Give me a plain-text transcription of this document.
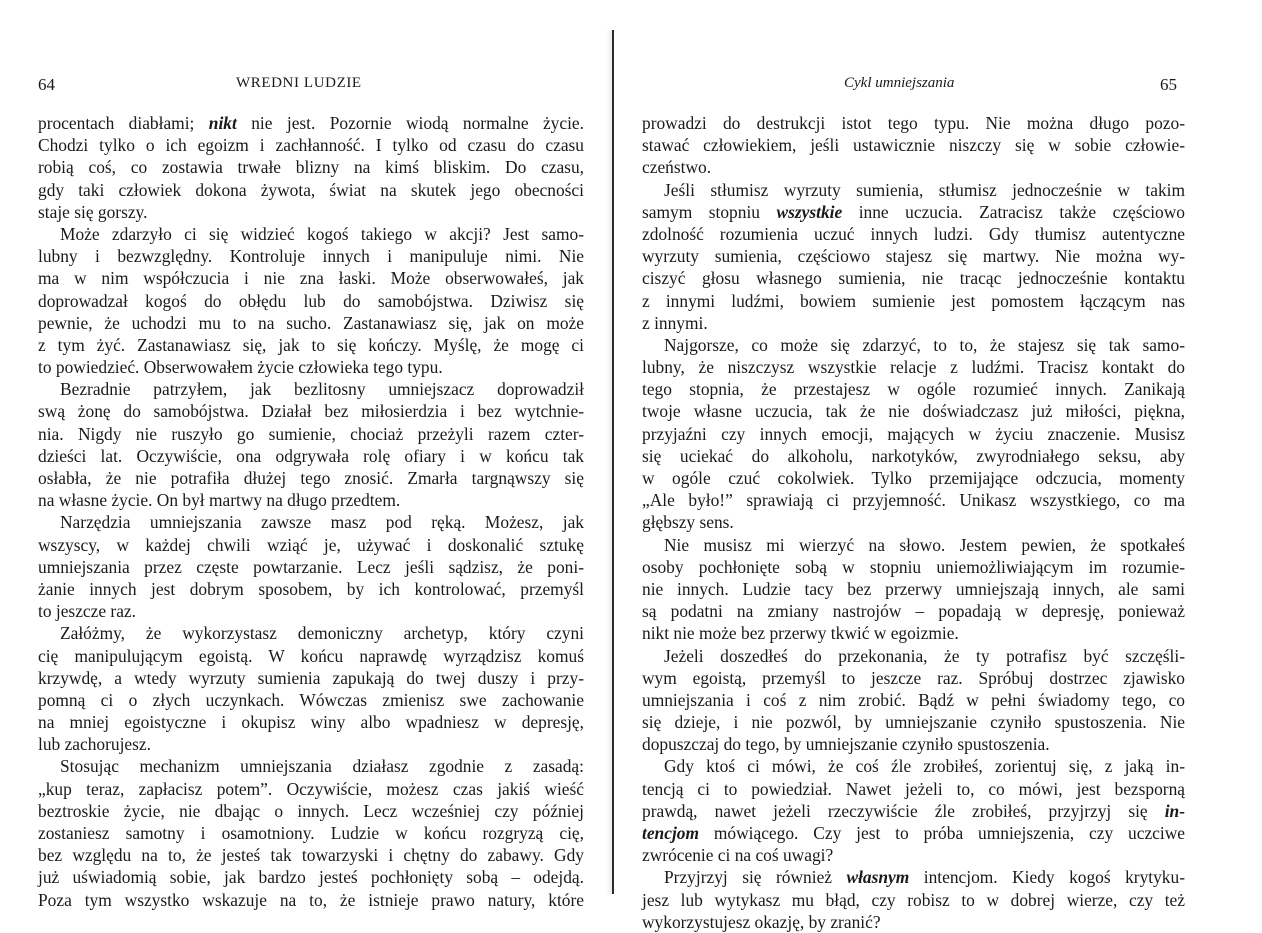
64	WREDNI LUDZIE
procentach diabłami; nikt nie jest. Pozornie wiodą normalne życie.
Chodzi tylko o ich egoizm i zachłanność. I tylko od czasu do czasu
robią coś, co zostawia trwałe blizny na kimś bliskim. Do czasu,
gdy taki człowiek dokona żywota, świat na skutek jego obecności
staje się gorszy.
Może zdarzyło ci się widzieć kogoś takiego w akcji? Jest samo-
lubny i bezwzględny. Kontroluje innych i manipuluje nimi. Nie
ma w nim współczucia i nie zna łaski. Może obserwowałeś, jak
doprowadzał kogoś do obłędu lub do samobójstwa. Dziwisz się
pewnie, że uchodzi mu to na sucho. Zastanawiasz się, jak on może
z tym żyć. Zastanawiasz się, jak to się kończy. Myślę, że mogę ci
to powiedzieć. Obserwowałem życie człowieka tego typu.
Bezradnie patrzyłem, jak bezlitosny umniejszacz doprowadził
swą żonę do samobójstwa. Działał bez miłosierdzia i bez wytchnie-
nia. Nigdy nie ruszyło go sumienie, chociaż przeżyli razem czter-
dzieści lat. Oczywiście, ona odgrywała rolę ofiary i w końcu tak
osłabła, że nie potrafiła dłużej tego znosić. Zmarła targnąwszy się
na własne życie. On był martwy na długo przedtem.
Narzędzia umniejszania zawsze masz pod ręką. Możesz, jak
wszyscy, w każdej chwili wziąć je, używać i doskonalić sztukę
umniejszania przez częste powtarzanie. Lecz jeśli sądzisz, że poni-
żanie innych jest dobrym sposobem, by ich kontrolować, przemyśl
to jeszcze raz.
Załóżmy, że wykorzystasz demoniczny archetyp, który czyni
cię manipulującym egoistą. W końcu naprawdę wyrządzisz komuś
krzywdę, a wtedy wyrzuty sumienia zapukają do twej duszy i przy-
pomną ci o złych uczynkach. Wówczas zmienisz swe zachowanie
na mniej egoistyczne i okupisz winy albo wpadniesz w depresję,
lub zachorujesz.
Stosując mechanizm umniejszania działasz zgodnie z zasadą:
„kup teraz, zapłacisz potem”. Oczywiście, możesz czas jakiś wieść
beztroskie życie, nie dbając o innych. Lecz wcześniej czy później
zostaniesz samotny i osamotniony. Ludzie w końcu rozgryzą cię,
bez względu na to, że jesteś tak towarzyski i chętny do zabawy. Gdy
już uświadomią sobie, jak bardzo jesteś pochłonięty sobą – odejdą.
Poza tym wszystko wskazuje na to, że istnieje prawo natury, które
Cykl umniejszania	65
prowadzi do destrukcji istot tego typu. Nie można długo pozo-
stawać człowiekiem, jeśli ustawicznie niszczy się w sobie człowie-
czeństwo.
Jeśli stłumisz wyrzuty sumienia, stłumisz jednocześnie w takim
samym stopniu wszystkie inne uczucia. Zatracisz także częściowo
zdolność rozumienia uczuć innych ludzi. Gdy tłumisz autentyczne
wyrzuty sumienia, częściowo stajesz się martwy. Nie można wy-
ciszyć głosu własnego sumienia, nie tracąc jednocześnie kontaktu
z innymi ludźmi, bowiem sumienie jest pomostem łączącym nas
z innymi.
Najgorsze, co może się zdarzyć, to to, że stajesz się tak samo-
lubny, że niszczysz wszystkie relacje z ludźmi. Tracisz kontakt do
tego stopnia, że przestajesz w ogóle rozumieć innych. Zanikają
twoje własne uczucia, tak że nie doświadczasz już miłości, piękna,
przyjaźni czy innych emocji, mających w życiu znaczenie. Musisz
się uciekać do alkoholu, narkotyków, zwyrodniałego seksu, aby
w ogóle czuć cokolwiek. Tylko przemijające odczucia, momenty
„Ale było!” sprawiają ci przyjemność. Unikasz wszystkiego, co ma
głębszy sens.
Nie musisz mi wierzyć na słowo. Jestem pewien, że spotkałeś
osoby pochłonięte sobą w stopniu uniemożliwiającym im rozumie-
nie innych. Ludzie tacy bez przerwy umniejszają innych, ale sami
są podatni na zmiany nastrojów – popadają w depresję, ponieważ
nikt nie może bez przerwy tkwić w egoizmie.
Jeżeli doszedłeś do przekonania, że ty potrafisz być szczęśli-
wym egoistą, przemyśl to jeszcze raz. Spróbuj dostrzec zjawisko
umniejszania i coś z nim zrobić. Bądź w pełni świadomy tego, co
się dzieje, i nie pozwól, by umniejszanie czyniło spustoszenia. Nie
dopuszczaj do tego, by umniejszanie czyniło spustoszenia.
Gdy ktoś ci mówi, że coś źle zrobiłeś, zorientuj się, z jaką in-
tencją ci to powiedział. Nawet jeżeli to, co mówi, jest bezsporną
prawdą, nawet jeżeli rzeczywiście źle zrobiłeś, przyjrzyj się in-
tencjom mówiącego. Czy jest to próba umniejszenia, czy uczciwe
zwrócenie ci na coś uwagi?
Przyjrzyj się również własnym intencjom. Kiedy kogoś krytyku-
jesz lub wytykasz mu błąd, czy robisz to w dobrej wierze, czy też
wykorzystujesz okazję, by zranić?
